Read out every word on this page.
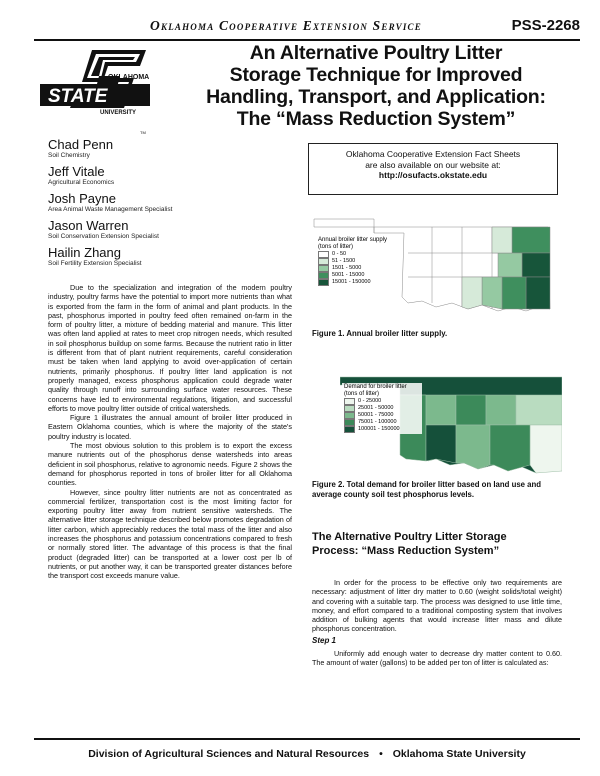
Oklahoma Cooperative Extension Service	PSS-2268
OKLAHOMA
STATE
UNIVERSITY
TM
An Alternative Poultry Litter
Storage Technique for Improved
Handling, Transport, and Application:
The “Mass Reduction System”
Chad Penn
Soil Chemistry
Jeff Vitale
Agricultural Economics
Josh Payne
Area Animal Waste Management Specialist
Jason Warren
Soil Conservation Extension Specialist
Hailin Zhang
Soil Fertility Extension Specialist
Oklahoma Cooperative Extension Fact Sheets
are also available on our website at:
http://osufacts.okstate.edu

Due to the specialization and integration of the modern poultry industry, poultry farms have the potential to import more nutrients than what is exported from the farm in the form of animal and plant products. In the past, phosphorus imported in poultry feed often remained on-farm in the form of poultry litter, a mixture of bedding material and manure. This litter was often land applied at rates to meet crop nitrogen needs, which resulted in soil phosphorus buildup on some farms. Because the nutrient ratio in litter is different from that of plant nutrient requirements, careful consideration must be taken when land applying to avoid over-application of certain nutrients, primarily phosphorus. If poultry litter land application is not properly managed, excess phosphorus application could degrade water quality through runoff into surrounding surface water resources. These concerns have led to environmental regulations, litigation, and successful efforts to move poultry litter outside of critical watersheds.

Figure 1 illustrates the annual amount of broiler litter produced in Eastern Oklahoma counties, which is where the majority of the state's poultry industry is located.

The most obvious solution to this problem is to export the excess manure nutrients out of the phosphorus dense watersheds into areas deficient in soil phosphorus, relative to agronomic needs. Figure 2 shows the demand for phosphorus reported in tons of broiler litter for all Oklahoma counties.

However, since poultry litter nutrients are not as concentrated as commercial fertilizer, transportation cost is the most limiting factor for exporting poultry litter away from nutrient sensitive watersheds. The alternative litter storage technique described below promotes degradation of litter carbon, which appreciably reduces the total mass of the litter and also increases the phosphorus and potassium concentrations compared to fresh or normally stored litter. The advantage of this process is that the final product (degraded litter) can be transported at a lower cost per lb of nutrients, or put another way, it can be transported greater distances before the transport cost exceeds manure value.

Annual broiler litter supply
(tons of litter)
0 - 50
51 - 1500
1501 - 5000
5001 - 15000
15001 - 150000
Figure 1. Annual broiler litter supply.
Demand for broiler litter (tons of litter)
0 - 25000
25001 - 50000
50001 - 75000
75001 - 100000
100001 - 150000
Figure 2. Total demand for broiler litter based on land use and average county soil test phosphorus levels.
The Alternative Poultry Litter Storage
Process: “Mass Reduction System”

In order for the process to be effective only two requirements are necessary: adjustment of litter dry matter to 0.60 (weight solids/total weight) and covering with a suitable tarp. The process was designed to use little time, money, and effort compared to a traditional composting system that involves addition of bulking agents that would increase litter mass and dilute phosphorus concentration.

Step 1

Uniformly add enough water to decrease dry matter content to 0.60. The amount of water (gallons) to be added per ton of litter is calculated as:

Division of Agricultural Sciences and Natural Resources • Oklahoma State University
